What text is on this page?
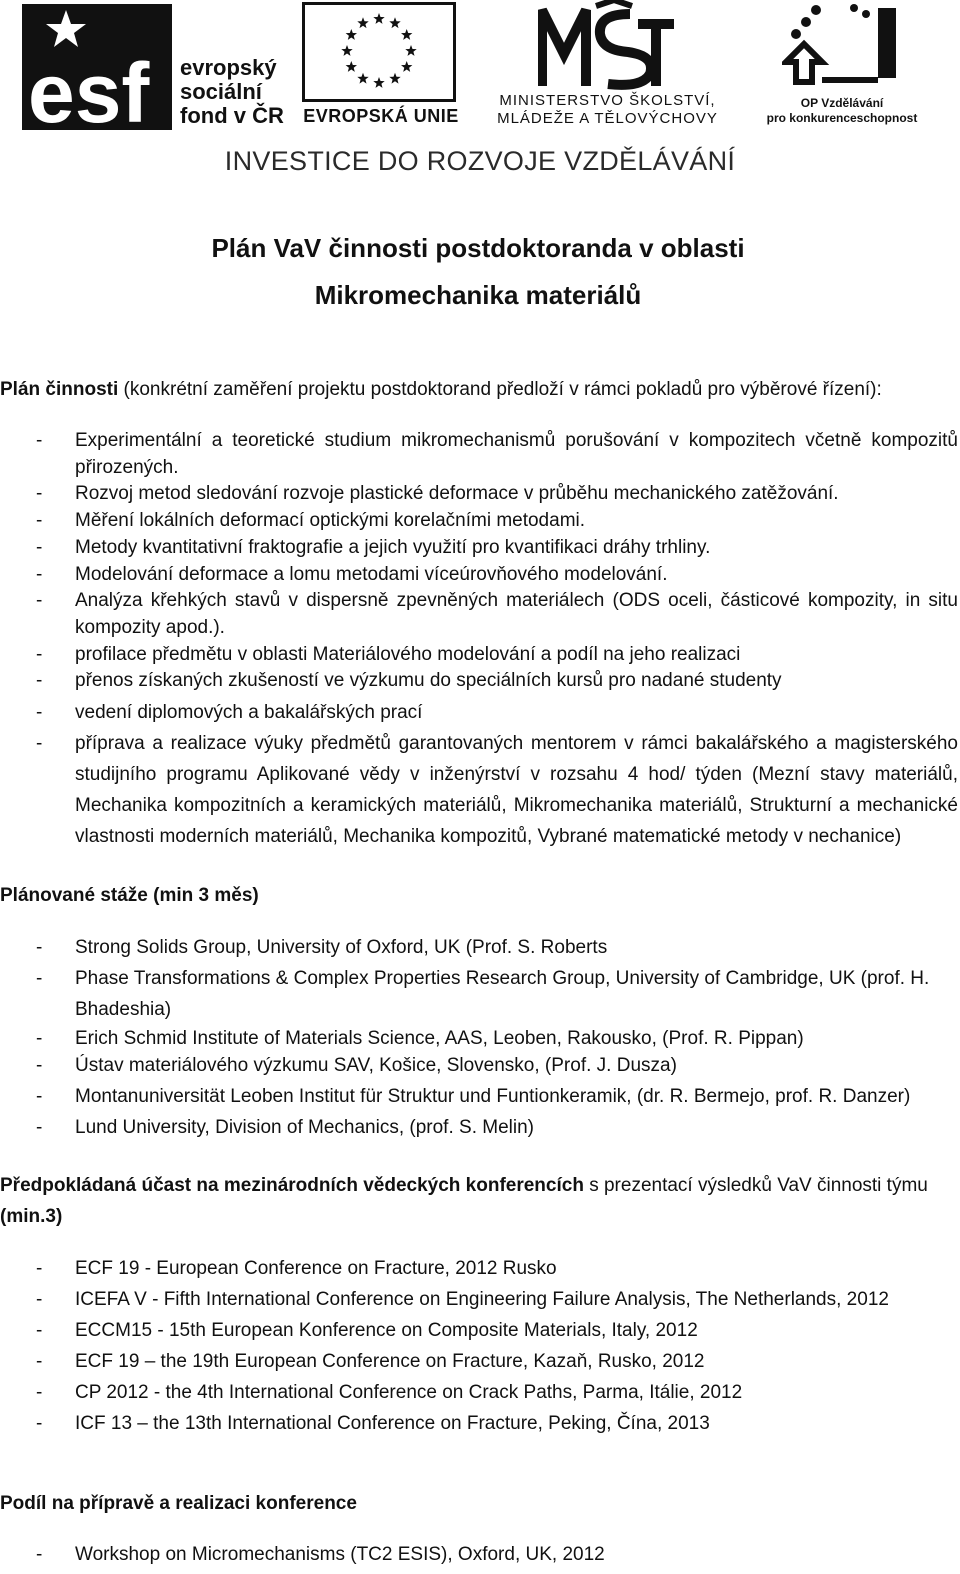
esf evropský
sociální
fond v ČR EVROPSKÁ UNIE
MINISTERSTVO ŠKOLSTVÍ,
MLÁDEŽE A TĚLOVÝCHOVY
OP Vzdělávání
pro konkurenceschopnost
INVESTICE DO ROZVOJE VZDĚLÁVÁNÍ
Plán VaV činnosti postdoktoranda v oblasti
Mikromechanika materiálů
Plán činnosti (konkrétní zaměření projektu postdoktorand předloží v rámci pokladů pro výběrové řízení):
- Experimentální a teoretické studium mikromechanismů porušování v kompozitech včetně kompozitů přirozených.
- Rozvoj metod sledování rozvoje plastické deformace v průběhu mechanického zatěžování.
- Měření lokálních deformací optickými korelačními metodami.
- Metody kvantitativní fraktografie a jejich využití pro kvantifikaci dráhy trhliny.
- Modelování deformace a lomu metodami víceúrovňového modelování.
- Analýza křehkých stavů v dispersně zpevněných materiálech (ODS oceli, částicové kompozity, in situ kompozity apod.).
- profilace předmětu v oblasti Materiálového modelování a podíl na jeho realizaci
- přenos získaných zkušeností ve výzkumu do speciálních kursů pro nadané studenty
- vedení diplomových a bakalářských prací
- příprava a realizace výuky předmětů garantovaných mentorem v rámci bakalářského a magisterského studijního programu Aplikované vědy v inženýrství v rozsahu 4 hod/ týden (Mezní stavy materiálů, Mechanika kompozitních a keramických materiálů, Mikromechanika materiálů, Strukturní a mechanické vlastnosti moderních materiálů, Mechanika kompozitů, Vybrané matematické metody v nechanice)
Plánované stáže (min 3 měs)
- Strong Solids Group, University of Oxford, UK (Prof. S. Roberts
- Phase Transformations & Complex Properties Research Group, University of Cambridge, UK (prof. H. Bhadeshia)
- Erich Schmid Institute of Materials Science, AAS, Leoben, Rakousko, (Prof. R. Pippan)
- Ústav materiálového výzkumu SAV, Košice, Slovensko, (Prof. J. Dusza)
- Montanuniversität Leoben Institut für Struktur und Funtionkeramik, (dr. R. Bermejo, prof. R. Danzer)
- Lund University, Division of Mechanics, (prof. S. Melin)
Předpokládaná účast na mezinárodních vědeckých konferencích s prezentací výsledků VaV činnosti týmu
(min.3)
- ECF 19 - European Conference on Fracture, 2012 Rusko
- ICEFA V - Fifth International Conference on Engineering Failure Analysis, The Netherlands, 2012
- ECCM15 - 15th European Konference on Composite Materials, Italy, 2012
- ECF 19 – the 19th European Conference on Fracture, Kazaň, Rusko, 2012
- CP 2012 - the 4th International Conference on Crack Paths, Parma, Itálie, 2012
- ICF 13 – the 13th International Conference on Fracture, Peking, Čína, 2013
Podíl na přípravě a realizaci konference
- Workshop on Micromechanisms (TC2 ESIS), Oxford, UK, 2012
